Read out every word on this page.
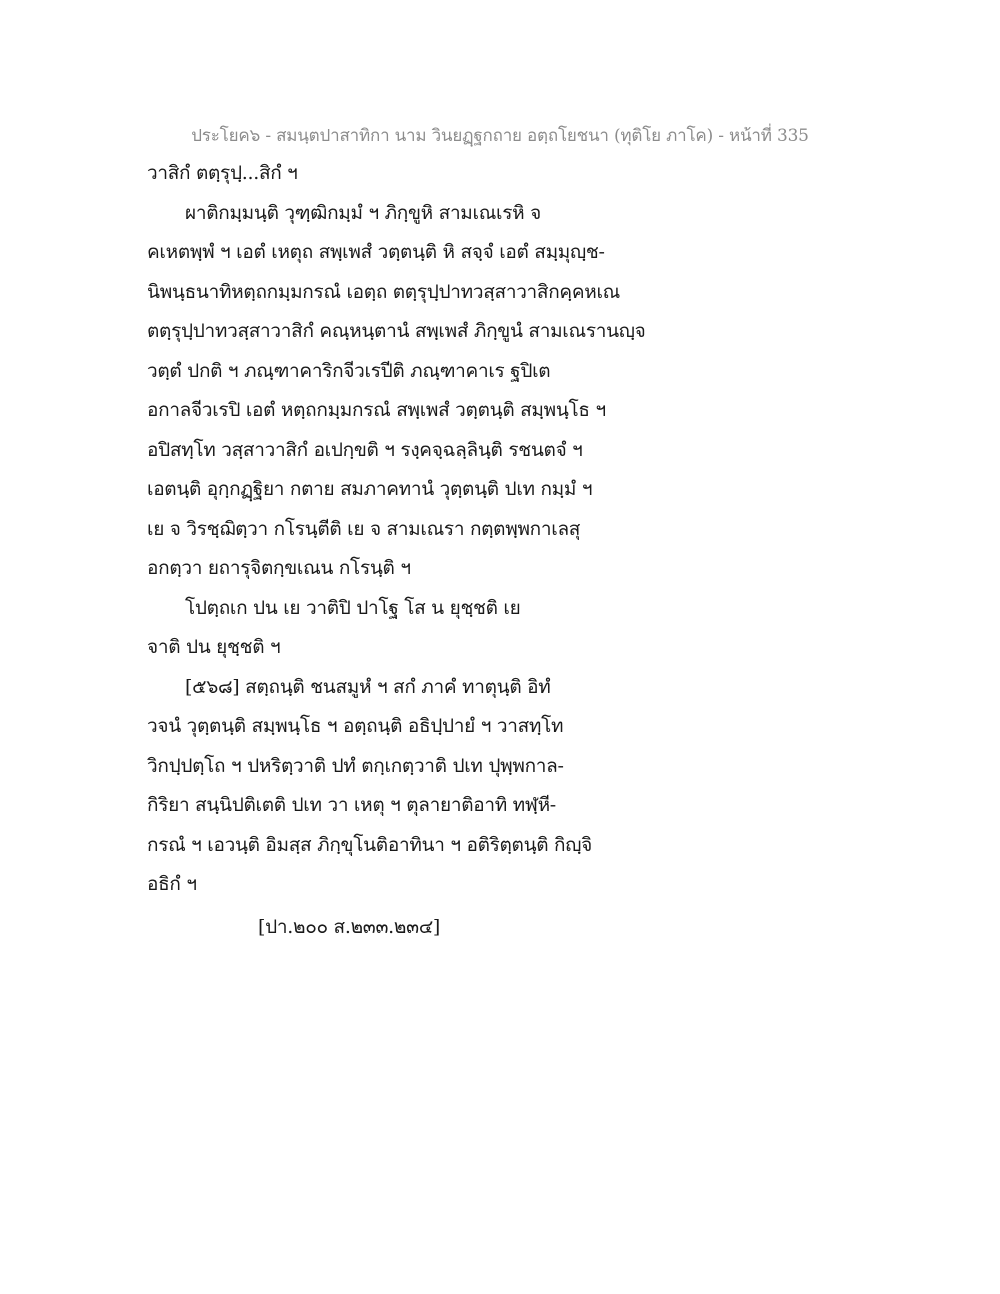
ประโยค๖ - สมนฺตปาสาทิกา นาม วินยฏฺฐกถาย อตฺถโยชนา (ทุติโย ภาโค) - หน้าที่ 335
วาสิกํ ตตฺรุปฺ...สิกํ ฯ
ผาติกมฺมนฺติ วุฑฺฒิกมฺมํ ฯ ภิกฺขูหิ สามเณเรหิ จ
คเหตพฺพํ ฯ เอตํ เหตุถ สพฺเพสํ วตฺตนฺติ หิ สจฺจํ เอตํ สมฺมุญฺช-
นิพนฺธนาทิหตฺถกมฺมกรณํ เอตฺถ ตตฺรุปฺปาทวสฺสาวาสิกคฺคหเณ
ตตฺรุปฺปาทวสฺสาวาสิกํ คณฺหนฺตานํ สพฺเพสํ ภิกฺขูนํ สามเณรานญฺจ
วตฺตํ ปกติ ฯ ภณฺฑาคาริกจีวเรปีติ ภณฺฑาคาเร ฐปิเต
อกาลจีวเรปิ เอตํ หตฺถกมฺมกรณํ สพฺเพสํ วตฺตนฺติ สมฺพนฺโธ ฯ
อปิสทฺโท วสฺสาวาสิกํ อเปกฺขติ ฯ รงฺคจฺฉลฺลินฺติ รชนตจํ ฯ
เอตนฺติ อุกฺกฏฺฐิยา กตาย สมภาคทานํ วุตฺตนฺติ ปเท กมฺมํ ฯ
เย จ วิรชฺฌิตฺวา กโรนฺตีติ เย จ สามเณรา กตฺตพฺพกาเลสุ
อกตฺวา ยถารุจิตกฺขเณน กโรนฺติ ฯ
โปตฺถเก ปน เย วาติปิ ปาโฐ โส น ยุชฺชติ เย
จาติ ปน ยุชฺชติ ฯ
[๕๖๘] สตฺถนฺติ ชนสมูหํ ฯ สกํ ภาคํ ทาตุนฺติ อิทํ
วจนํ วุตฺตนฺติ สมฺพนฺโธ ฯ อตฺถนฺติ อธิปฺปายํ ฯ วาสทฺโท
วิกปฺปตฺโถ ฯ ปหริตฺวาติ ปทํ ตกฺเกตฺวาติ ปเท ปุพฺพกาล-
กิริยา สนฺนิปติเตติ ปเท วา เหตุ ฯ ตุลายาติอาทิ ทฬฺหี-
กรณํ ฯ เอวนฺติ อิมสฺส ภิกฺขุโนติอาทินา ฯ อติริตฺตนฺติ กิญฺจิ
อธิกํ ฯ
[ปา.๒๐๐ ส.๒๓๓.๒๓๔]
